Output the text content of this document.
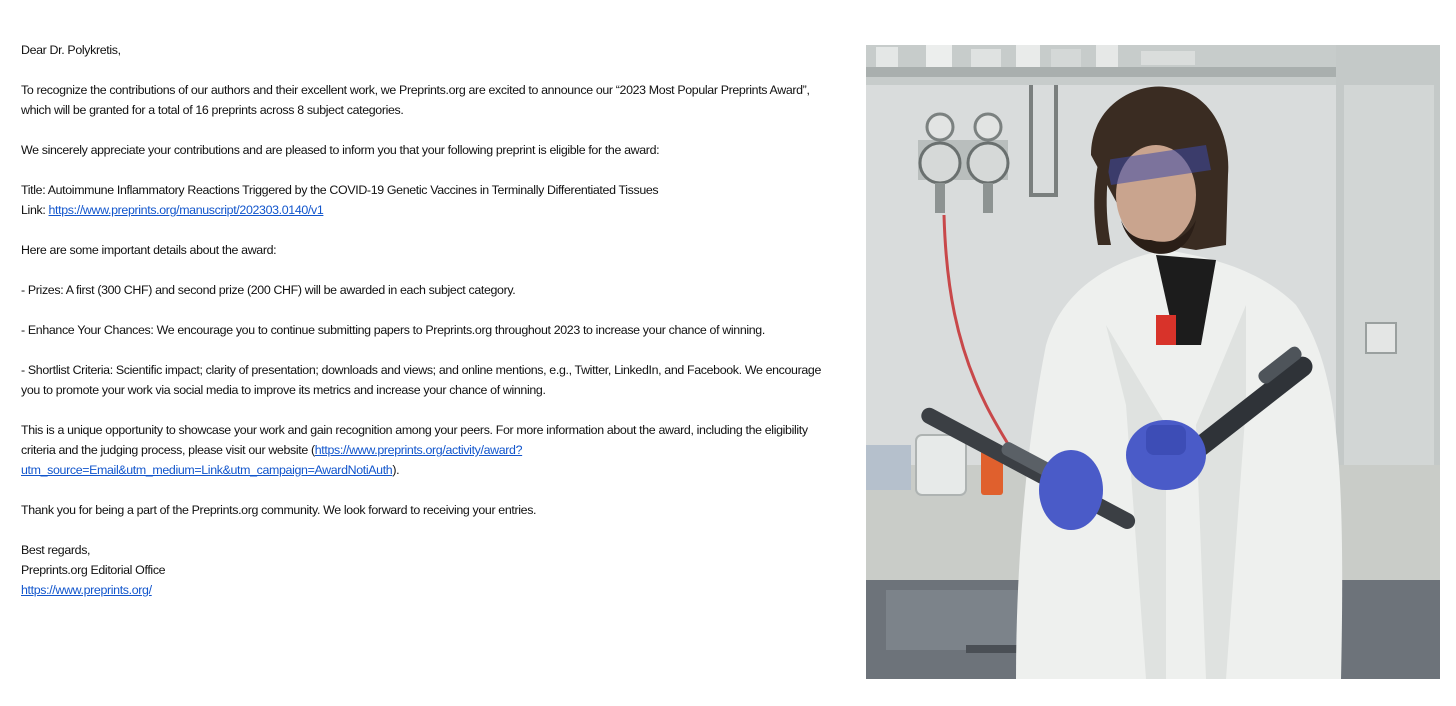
Dear Dr. Polykretis,

To recognize the contributions of our authors and their excellent work, we Preprints.org are excited to announce our “2023 Most Popular Preprints Award”, which will be granted for a total of 16 preprints across 8 subject categories.

We sincerely appreciate your contributions and are pleased to inform you that your following preprint is eligible for the award:

Title: Autoimmune Inflammatory Reactions Triggered by the COVID-19 Genetic Vaccines in Terminally Differentiated Tissues
Link: https://www.preprints.org/manuscript/202303.0140/v1

Here are some important details about the award:

- Prizes: A first (300 CHF) and second prize (200 CHF) will be awarded in each subject category.

- Enhance Your Chances: We encourage you to continue submitting papers to Preprints.org throughout 2023 to increase your chance of winning.

- Shortlist Criteria: Scientific impact; clarity of presentation; downloads and views; and online mentions, e.g., Twitter, LinkedIn, and Facebook. We encourage you to promote your work via social media to improve its metrics and increase your chance of winning.

This is a unique opportunity to showcase your work and gain recognition among your peers. For more information about the award, including the eligibility criteria and the judging process, please visit our website (https://www.preprints.org/activity/award?utm_source=Email&utm_medium=Link&utm_campaign=AwardNotiAuth).

Thank you for being a part of the Preprints.org community. We look forward to receiving your entries.

Best regards,
Preprints.org Editorial Office
https://www.preprints.org/
